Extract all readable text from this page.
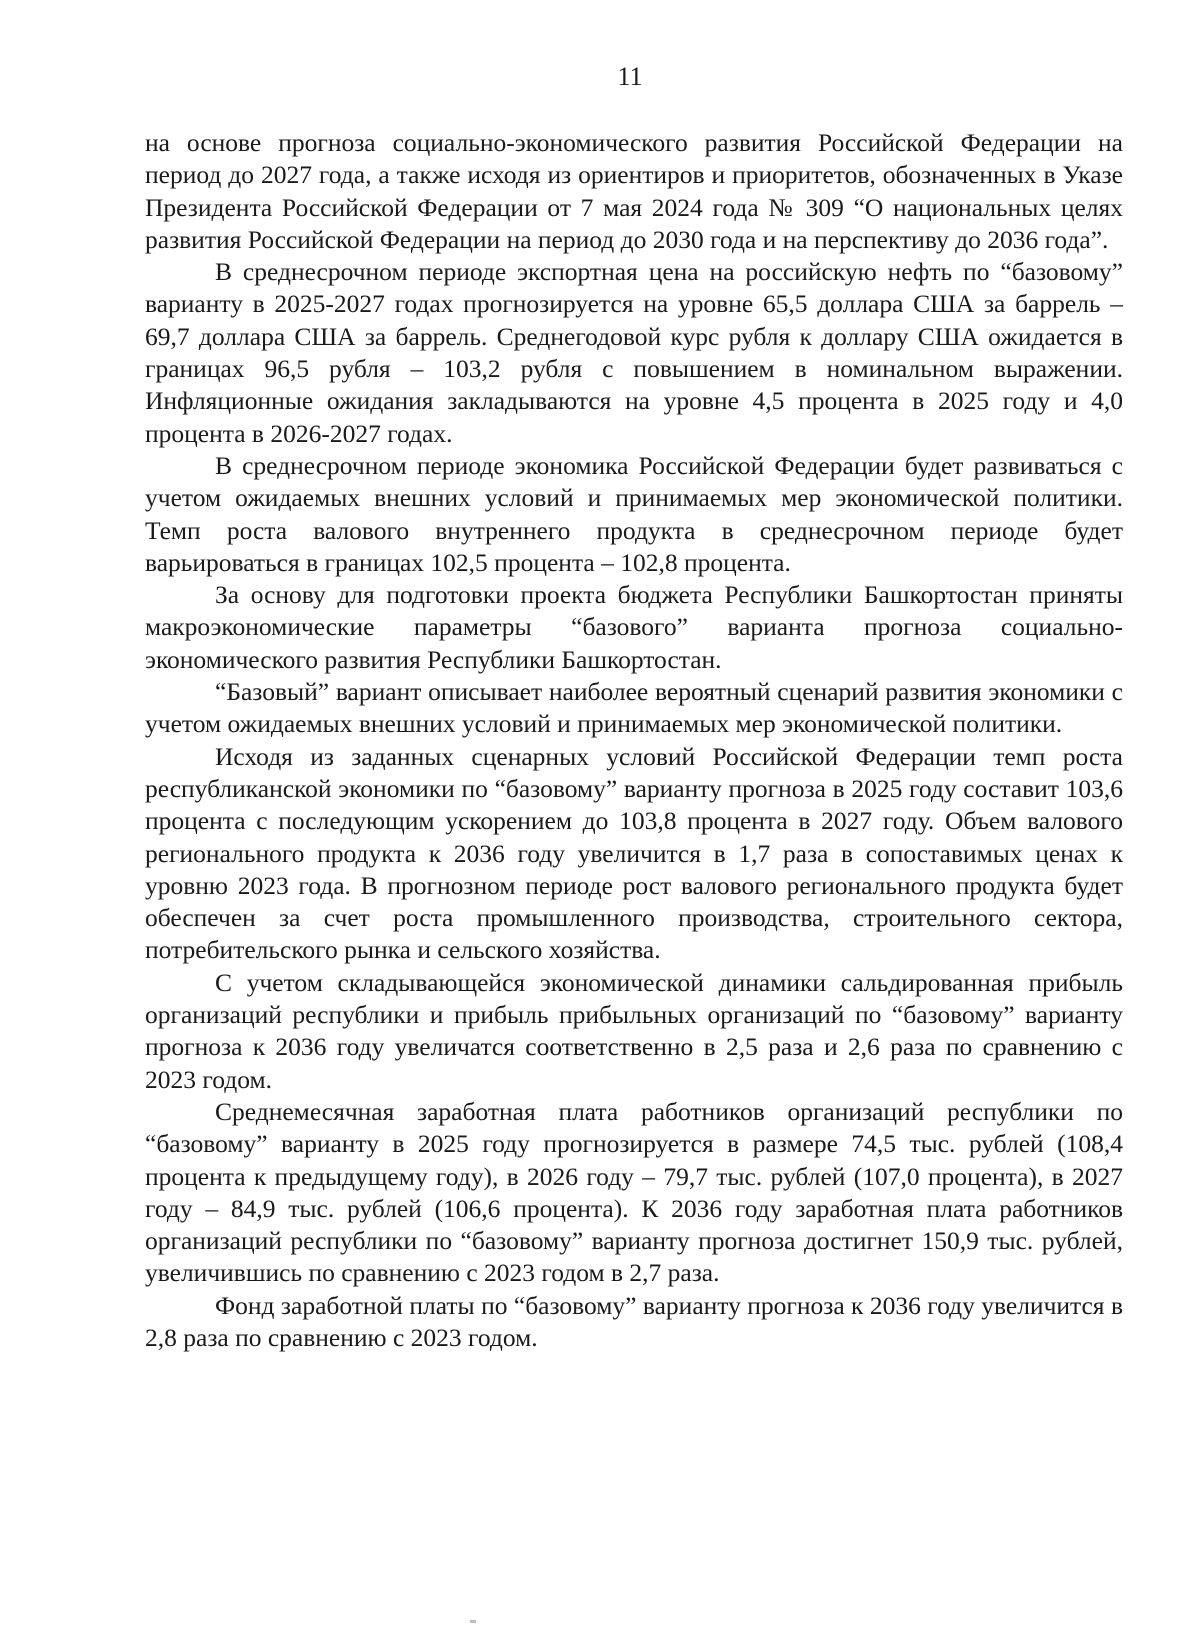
11

на основе прогноза социально-экономического развития Российской Федерации на период до 2027 года, а также исходя из ориентиров и приоритетов, обозначенных в Указе Президента Российской Федерации от 7 мая 2024 года № 309 “О национальных целях развития Российской Федерации на период до 2030 года и на перспективу до 2036 года”.

В среднесрочном периоде экспортная цена на российскую нефть по “базовому” варианту в 2025-2027 годах прогнозируется на уровне 65,5 доллара США за баррель – 69,7 доллара США за баррель. Среднегодовой курс рубля к доллару США ожидается в границах 96,5 рубля – 103,2 рубля с повышением в номинальном выражении. Инфляционные ожидания закладываются на уровне 4,5 процента в 2025 году и 4,0 процента в 2026-2027 годах.

В среднесрочном периоде экономика Российской Федерации будет развиваться с учетом ожидаемых внешних условий и принимаемых мер экономической политики. Темп роста валового внутреннего продукта в среднесрочном периоде будет варьироваться в границах 102,5 процента – 102,8 процента.

За основу для подготовки проекта бюджета Республики Башкортостан приняты макроэкономические параметры “базового” варианта прогноза социально-экономического развития Республики Башкортостан.

“Базовый” вариант описывает наиболее вероятный сценарий развития экономики с учетом ожидаемых внешних условий и принимаемых мер экономической политики.

Исходя из заданных сценарных условий Российской Федерации темп роста республиканской экономики по “базовому” варианту прогноза в 2025 году составит 103,6 процента с последующим ускорением до 103,8 процента в 2027 году. Объем валового регионального продукта к 2036 году увеличится в 1,7 раза в сопоставимых ценах к уровню 2023 года. В прогнозном периоде рост валового регионального продукта будет обеспечен за счет роста промышленного производства, строительного сектора, потребительского рынка и сельского хозяйства.

С учетом складывающейся экономической динамики сальдированная прибыль организаций республики и прибыль прибыльных организаций по “базовому” варианту прогноза к 2036 году увеличатся соответственно в 2,5 раза и 2,6 раза по сравнению с 2023 годом.

Среднемесячная заработная плата работников организаций республики по “базовому” варианту в 2025 году прогнозируется в размере 74,5 тыс. рублей (108,4 процента к предыдущему году), в 2026 году – 79,7 тыс. рублей (107,0 процента), в 2027 году – 84,9 тыс. рублей (106,6 процента). К 2036 году заработная плата работников организаций республики по “базовому” варианту прогноза достигнет 150,9 тыс. рублей, увеличившись по сравнению с 2023 годом в 2,7 раза.

Фонд заработной платы по “базовому” варианту прогноза к 2036 году увеличится в 2,8 раза по сравнению с 2023 годом.
